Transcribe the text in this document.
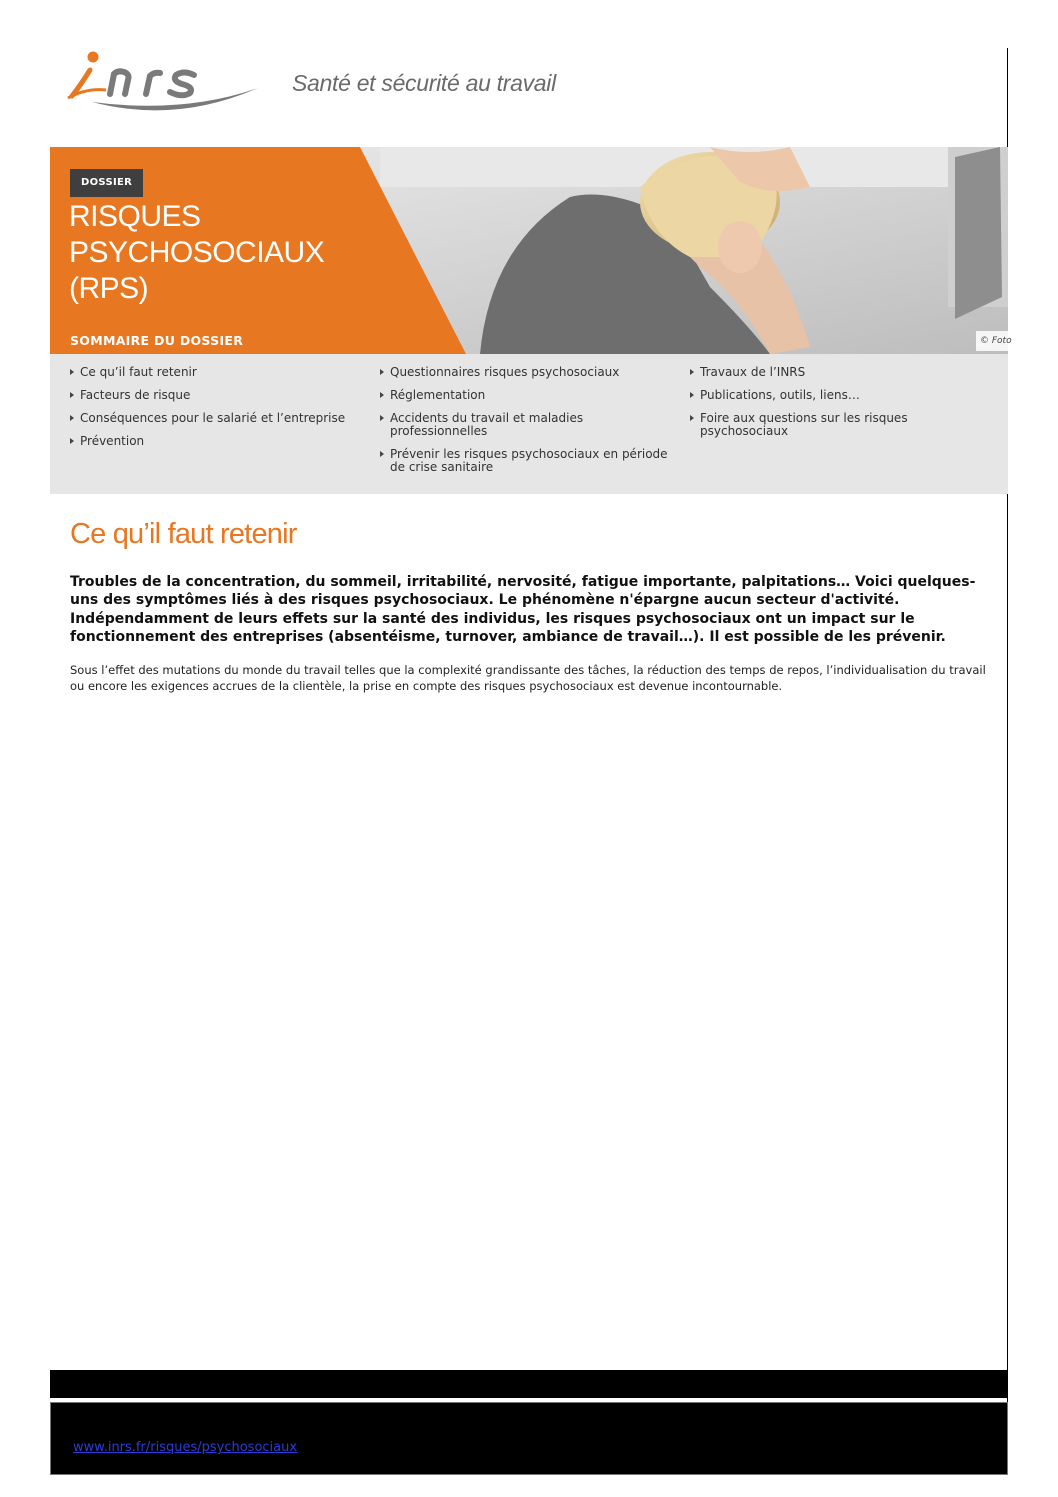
Santé et sécurité au travail
DOSSIER
RISQUES PSYCHOSOCIAUX (RPS)
SOMMAIRE DU DOSSIER	© Foto
Ce qu’il faut retenir
Facteurs de risque
Conséquences pour le salarié et l’entreprise
Prévention
Questionnaires risques psychosociaux
Réglementation
Accidents du travail et maladies professionnelles
Prévenir les risques psychosociaux en période de crise sanitaire
Travaux de l’INRS
Publications, outils, liens…
Foire aux questions sur les risques psychosociaux
Ce qu’il faut retenir
Troubles de la concentration, du sommeil, irritabilité, nervosité, fatigue importante, palpitations… Voici quelques-uns des symptômes liés à des risques psychosociaux. Le phénomène n'épargne aucun secteur d'activité. Indépendamment de leurs effets sur la santé des individus, les risques psychosociaux ont un impact sur le fonctionnement des entreprises (absentéisme, turnover, ambiance de travail…). Il est possible de les prévenir.
Sous l’effet des mutations du monde du travail telles que la complexité grandissante des tâches, la réduction des temps de repos, l’individualisation du travail ou encore les exigences accrues de la clientèle, la prise en compte des risques psychosociaux est devenue incontournable.
www.inrs.fr/risques/psychosociaux
